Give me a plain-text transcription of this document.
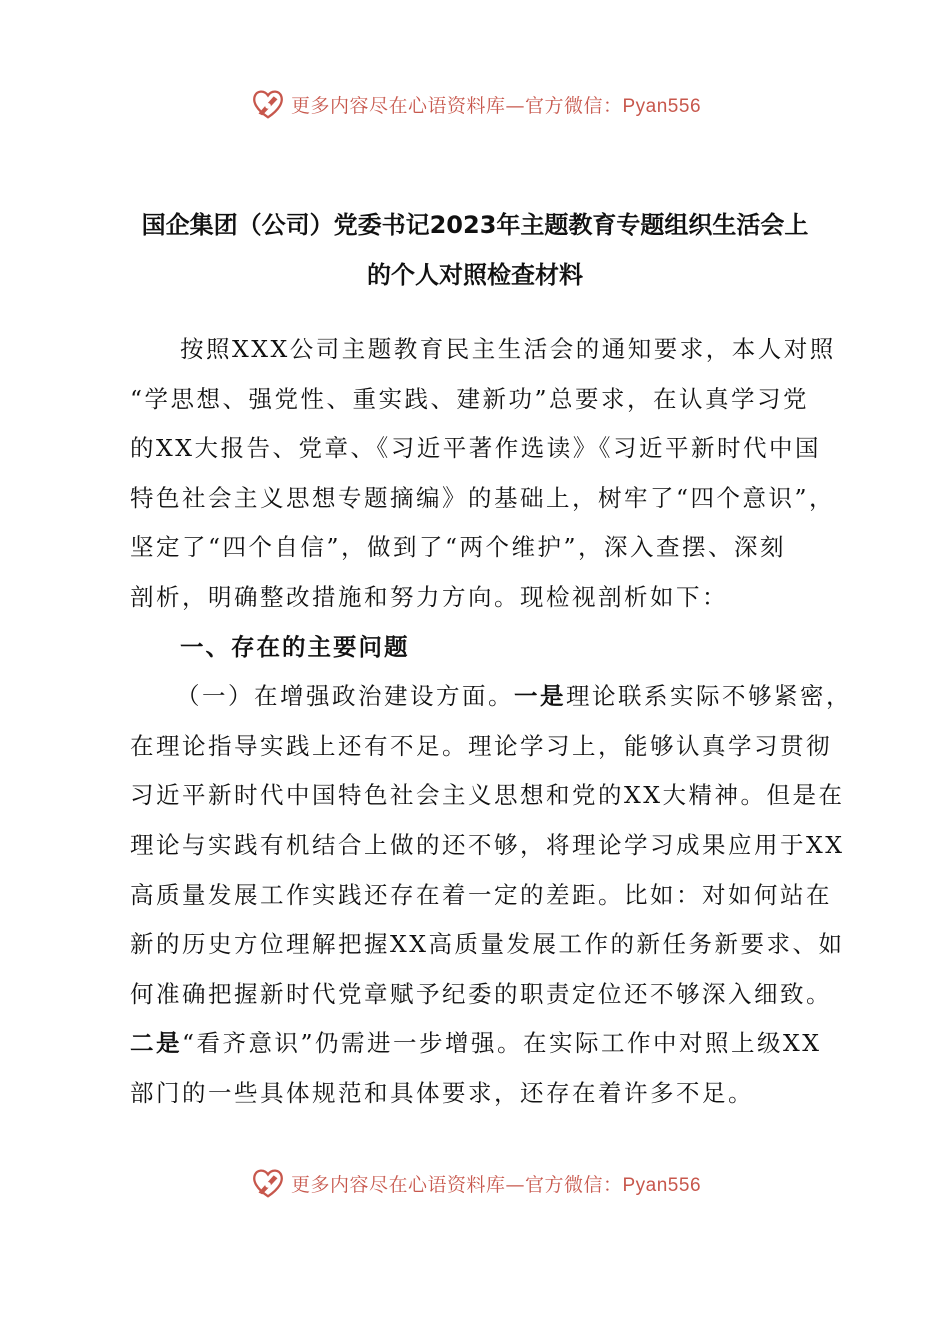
更多内容尽在心语资料库—官方微信：Pyan556
国企集团（公司）党委书记2023年主题教育专题组织生活会上
的个人对照检查材料
按照XXX公司主题教育民主生活会的通知要求，本人对照
“学思想、强党性、重实践、建新功”总要求，在认真学习党
的XX大报告、党章、《习近平著作选读》《习近平新时代中国
特色社会主义思想专题摘编》的基础上，树牢了“四个意识”，
坚定了“四个自信”，做到了“两个维护”，深入查摆、深刻
剖析，明确整改措施和努力方向。现检视剖析如下：
一、存在的主要问题
（一）在增强政治建设方面。一是理论联系实际不够紧密，
在理论指导实践上还有不足。理论学习上，能够认真学习贯彻
习近平新时代中国特色社会主义思想和党的XX大精神。但是在
理论与实践有机结合上做的还不够，将理论学习成果应用于XX
高质量发展工作实践还存在着一定的差距。比如：对如何站在
新的历史方位理解把握XX高质量发展工作的新任务新要求、如
何准确把握新时代党章赋予纪委的职责定位还不够深入细致。
二是“看齐意识”仍需进一步增强。在实际工作中对照上级XX
部门的一些具体规范和具体要求，还存在着许多不足。
更多内容尽在心语资料库—官方微信：Pyan556
